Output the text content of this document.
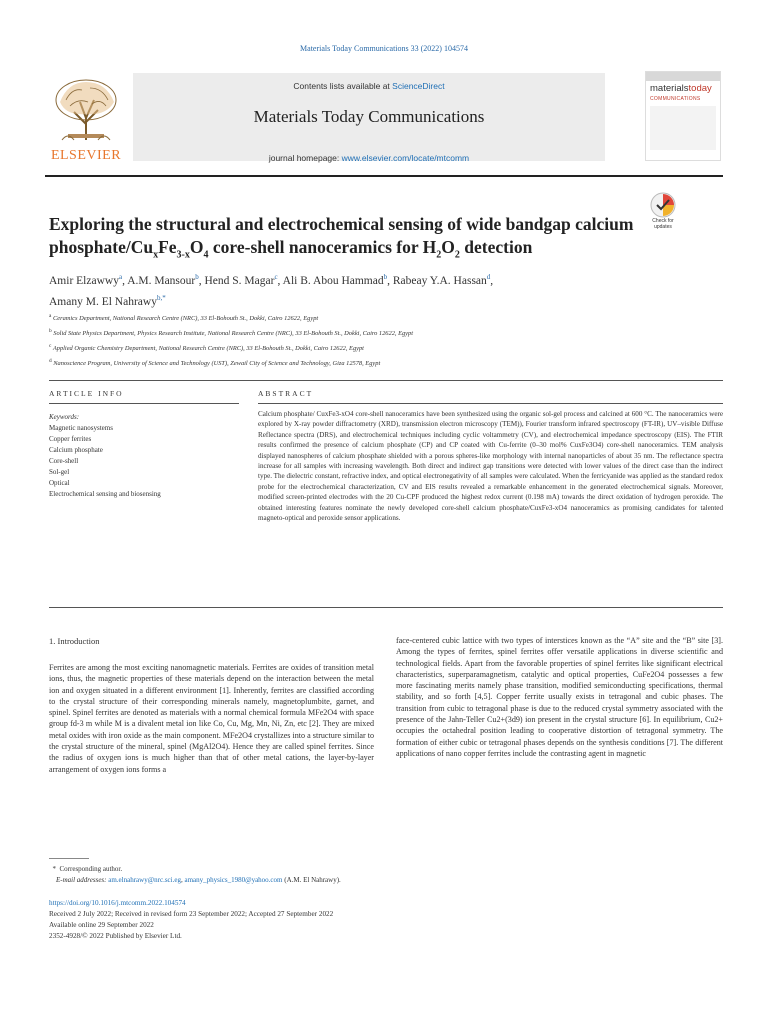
Materials Today Communications 33 (2022) 104574
ELSEVIER
Contents lists available at ScienceDirect
Materials Today Communications
journal homepage: www.elsevier.com/locate/mtcomm
materialstoday
COMMUNICATIONS
Check for
updates
Exploring the structural and electrochemical sensing of wide bandgap calcium phosphate/$Cu_xFe_{3-x}O_4$ core-shell nanoceramics for $H_2O_2$ detection
Amir Elzawwy$^a$, A.M. Mansour$^b$, Hend S. Magar$^c$, Ali B. Abou Hammad$^b$, Rabeay Y.A. Hassan$^d$,
Amany M. El Nahrawy$^{b,*}$
$^a$ Ceramics Department, National Research Centre (NRC), 33 El-Bohouth St., Dokki, Cairo 12622, Egypt
$^b$ Solid State Physics Department, Physics Research Institute, National Research Centre (NRC), 33 El-Bohouth St., Dokki, Cairo 12622, Egypt
$^c$ Applied Organic Chemistry Department, National Research Centre (NRC), 33 El-Bohouth St., Dokki, Cairo 12622, Egypt
$^d$ Nanoscience Program, University of Science and Technology (UST), Zewail City of Science and Technology, Giza 12578, Egypt
ARTICLE INFO	ABSTRACT
Keywords:
Magnetic nanosystems
Copper ferrites
Calcium phosphate
Core-shell
Sol-gel
Optical
Electrochemical sensing and biosensing
Calcium phosphate/ CuxFe3-xO4 core-shell nanoceramics have been synthesized using the organic sol-gel process and calcined at 600 °C. The nanoceramics were explored by X-ray powder diffractometry (XRD), transmission electron microscopy (TEM)), Fourier transform infrared spectroscopy (FT-IR), UV–visible Diffuse Reflectance spectra (DRS), and electrochemical techniques including cyclic voltammetry (CV), and electrochemical impedance spectroscopy (EIS). The FTIR results confirmed the presence of calcium phosphate (CP) and CP coated with Cu-ferrite (0–30 mol% CuxFe3O4) core-shell nanoceramics. TEM analysis displayed nanospheres of calcium phosphate shielded with a porous spheres-like morphology with internal nanoparticles of about 35 nm. The reflectance spectra increase for all samples with increasing wavelength. Both direct and indirect gap transitions were detected with lower values of the direct case than the indirect type. The dielectric constant, refractive index, and optical electronegativity of all samples were calculated. When the ferricyanide was applied as the standard redox probe for the electrochemical characterization, CV and EIS results revealed a remarkable enhancement in the generated electrochemical signals. Moreover, modified screen-printed electrodes with the 20 Cu-CPF produced the highest redox current (0.198 mA) towards the direct oxidation of hydrogen peroxide. The obtained interesting features nominate the newly developed core-shell calcium phosphate/CuxFe3-xO4 nanoceramics as promising candidates for talented magneto-optical and peroxide sensor applications.
1. Introduction
Ferrites are among the most exciting nanomagnetic materials. Ferrites are oxides of transition metal ions, thus, the magnetic properties of these materials depend on the interaction between the metal ion and oxygen situated in a different environment [1]. Inherently, ferrites are classified according to the crystal structure of their corresponding minerals namely, magnetoplumbite, garnet, and spinel. Spinel ferrites are denoted as materials with a normal chemical formula MFe2O4 with space group fd-3 m while M is a divalent metal ion like Co, Cu, Mg, Mn, Ni, Zn, etc [2]. They are mixed metal oxides with iron oxide as the main component. MFe2O4 crystallizes into a structure similar to the crystal structure of the mineral, spinel (MgAl2O4). Hence they are called spinel ferrites. Since the radius of oxygen ions is much higher than that of other metal cations, the layer-by-layer arrangement of oxygen ions forms a
face-centered cubic lattice with two types of interstices known as the “A” site and the “B” site [3]. Among the types of ferrites, spinel ferrites offer versatile applications in diverse scientific and technological fields. Apart from the favorable properties of spinel ferrites like significant electrical characteristics, superparamagnetism, catalytic and optical properties, CuFe2O4 possesses a few more fascinating merits namely phase transition, modified semiconducting specifications, thermal stability, and so forth [4,5]. Copper ferrite usually exists in tetragonal and cubic phases. The transition from cubic to tetragonal phase is due to the reduced crystal symmetry associated with the presence of the Jahn-Teller Cu2+(3d9) ion present in the crystal structure [6]. In equilibrium, Cu2+ occupies the octahedral position leading to cooperative distortion of tetragonal symmetry. The formation of either cubic or tetragonal phases depends on the synthesis conditions [7]. The different applications of nano copper ferrites include the contrasting agent in magnetic
*  Corresponding author.
E-mail addresses: am.elnahrawy@nrc.sci.eg, amany_physics_1980@yahoo.com (A.M. El Nahrawy).
https://doi.org/10.1016/j.mtcomm.2022.104574
Received 2 July 2022; Received in revised form 23 September 2022; Accepted 27 September 2022
Available online 29 September 2022
2352-4928/© 2022 Published by Elsevier Ltd.
